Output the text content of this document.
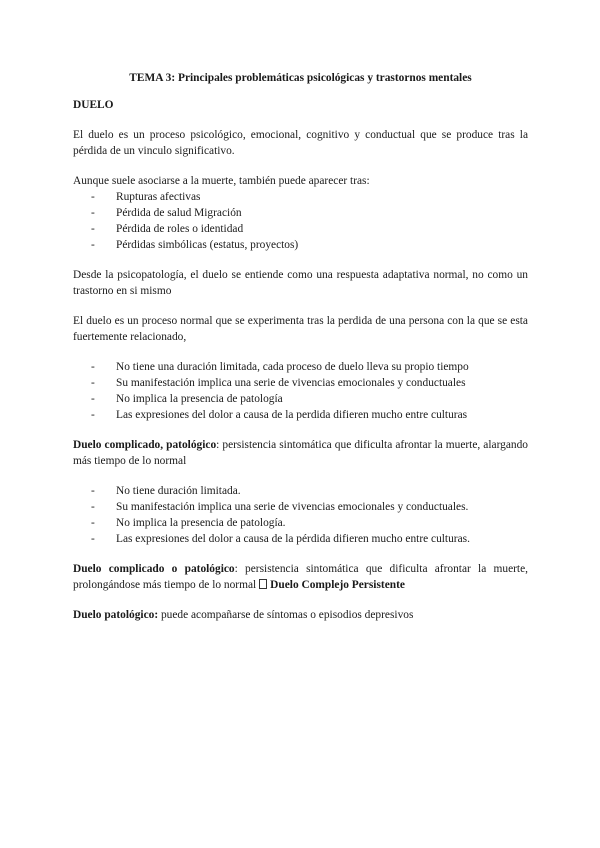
TEMA 3: Principales problemáticas psicológicas y trastornos mentales
DUELO

El duelo es un proceso psicológico, emocional, cognitivo y conductual que se produce tras la pérdida de un vinculo significativo.

Aunque suele asociarse a la muerte, también puede aparecer tras:

- Rupturas afectivas
- Pérdida de salud Migración
- Pérdida de roles o identidad
- Pérdidas simbólicas (estatus, proyectos)

Desde la psicopatología, el duelo se entiende como una respuesta adaptativa normal, no como un trastorno en si mismo

El duelo es un proceso normal que se experimenta tras la perdida de una persona con la que se esta fuertemente relacionado,

- No tiene una duración limitada, cada proceso de duelo lleva su propio tiempo
- Su manifestación implica una serie de vivencias emocionales y conductuales
- No implica la presencia de patología
- Las expresiones del dolor a causa de la perdida difieren mucho entre culturas

Duelo complicado, patológico: persistencia sintomática que dificulta afrontar la muerte, alargando más tiempo de lo normal

- No tiene duración limitada.
- Su manifestación implica una serie de vivencias emocionales y conductuales.
- No implica la presencia de patología.
- Las expresiones del dolor a causa de la pérdida difieren mucho entre culturas.

Duelo complicado o patológico: persistencia sintomática que dificulta afrontar la muerte, prolongándose más tiempo de lo normal Duelo Complejo Persistente

Duelo patológico: puede acompañarse de síntomas o episodios depresivos
